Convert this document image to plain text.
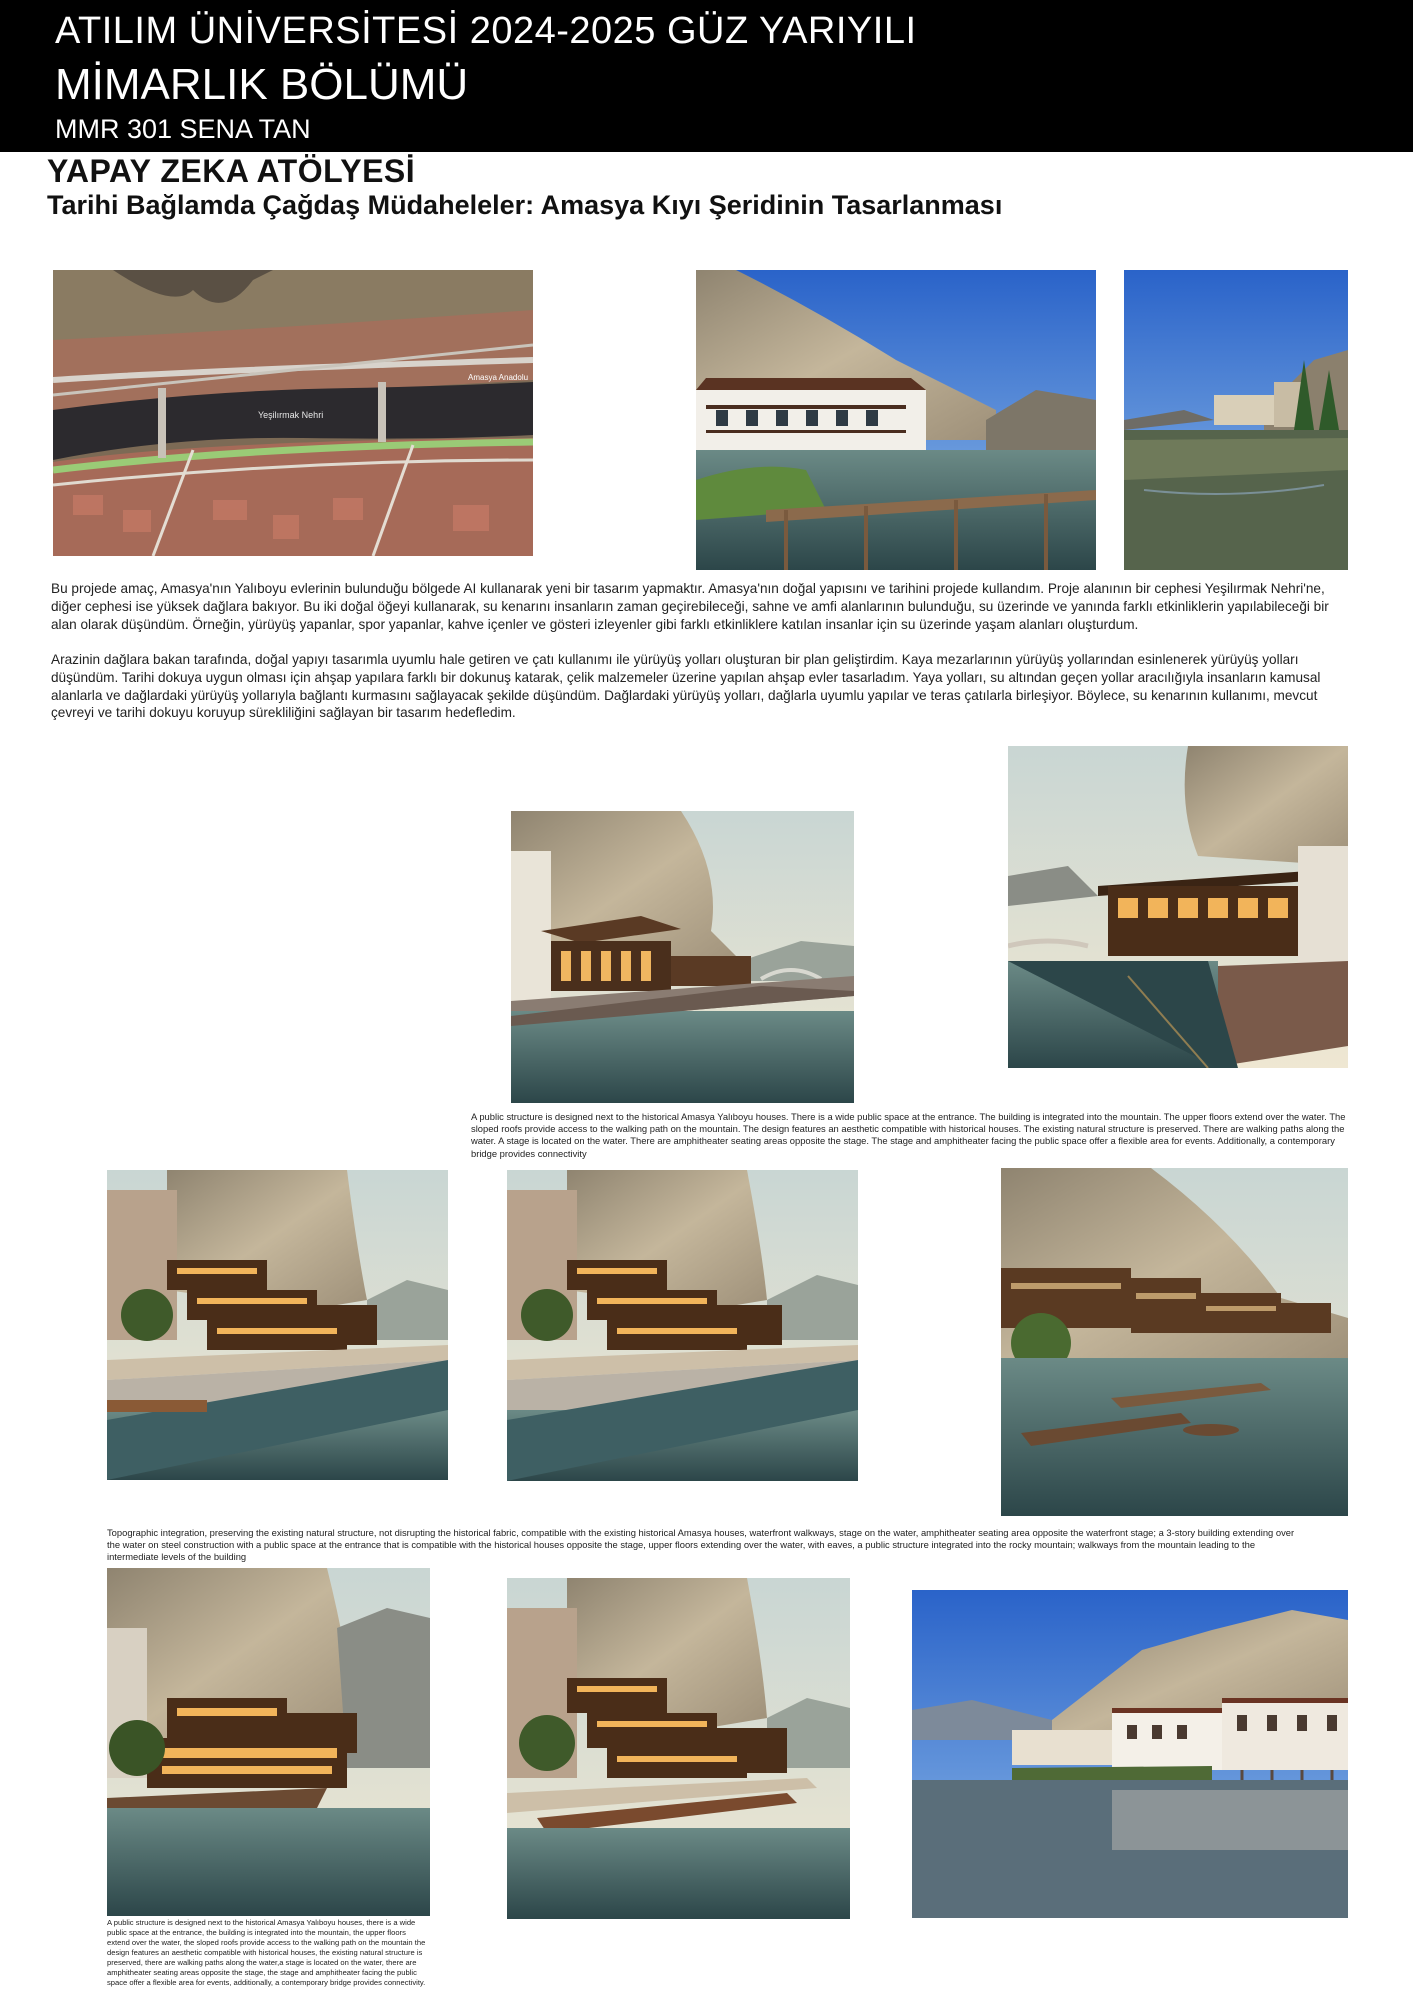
ATILIM ÜNİVERSİTESİ 2024-2025 GÜZ YARIYILI
MİMARLIK BÖLÜMÜ
MMR 301 SENA TAN
YAPAY ZEKA ATÖLYESİ
Tarihi Bağlamda Çağdaş Müdaheleler: Amasya Kıyı Şeridinin Tasarlanması
Yeşilırmak Nehri
Amasya Anadolu

Bu projede amaç, Amasya'nın Yalıboyu evlerinin bulunduğu bölgede AI kullanarak yeni bir tasarım yapmaktır. Amasya'nın doğal yapısını ve tarihini projede kullandım. Proje alanının bir cephesi Yeşilırmak Nehri'ne, diğer cephesi ise yüksek dağlara bakıyor. Bu iki doğal öğeyi kullanarak, su kenarını insanların zaman geçirebileceği, sahne ve amfi alanlarının bulunduğu, su üzerinde ve yanında farklı etkinliklerin yapılabileceği bir alan olarak düşündüm. Örneğin, yürüyüş yapanlar, spor yapanlar, kahve içenler ve gösteri izleyenler gibi farklı etkinliklere katılan insanlar için su üzerinde yaşam alanları oluşturdum.

Arazinin dağlara bakan tarafında, doğal yapıyı tasarımla uyumlu hale getiren ve çatı kullanımı ile yürüyüş yolları oluşturan bir plan geliştirdim. Kaya mezarlarının yürüyüş yollarından esinlenerek yürüyüş yolları düşündüm. Tarihi dokuya uygun olması için ahşap yapılara farklı bir dokunuş katarak, çelik malzemeler üzerine yapılan ahşap evler tasarladım. Yaya yolları, su altından geçen yollar aracılığıyla insanların kamusal alanlarla ve dağlardaki yürüyüş yollarıyla bağlantı kurmasını sağlayacak şekilde düşündüm. Dağlardaki yürüyüş yolları, dağlarla uyumlu yapılar ve teras çatılarla birleşiyor. Böylece, su kenarının kullanımı, mevcut çevreyi ve tarihi dokuyu koruyup sürekliliğini sağlayan bir tasarım hedefledim.

A public structure is designed next to the historical Amasya Yalıboyu houses. There is a wide public space at the entrance. The building is integrated into the mountain. The upper floors extend over the water. The sloped roofs provide access to the walking path on the mountain. The design features an aesthetic compatible with historical houses. The existing natural structure is preserved. There are walking paths along the water. A stage is located on the water. There are amphitheater seating areas opposite the stage. The stage and amphitheater facing the public space offer a flexible area for events. Additionally, a contemporary bridge provides connectivity

Topographic integration, preserving the existing natural structure, not disrupting the historical fabric, compatible with the existing historical Amasya houses, waterfront walkways, stage on the water, amphitheater seating area opposite the waterfront stage; a 3-story building extending over the water on steel construction with a public space at the entrance that is compatible with the historical houses opposite the stage, upper floors extending over the water, with eaves, a public structure integrated into the rocky mountain; walkways from the mountain leading to the intermediate levels of the building

A public structure is designed next to the historical Amasya Yalıboyu houses, there is a wide public space at the entrance, the building is integrated into the mountain, the upper floors extend over the water, the sloped roofs provide access to the walking path on the mountain the design features an aesthetic compatible with historical houses, the existing natural structure is preserved, there are walking paths along the water,a stage is located on the water, there are amphitheater seating areas opposite the stage, the stage and amphitheater facing the public space offer a flexible area for events, additionally, a contemporary bridge provides connectivity.
